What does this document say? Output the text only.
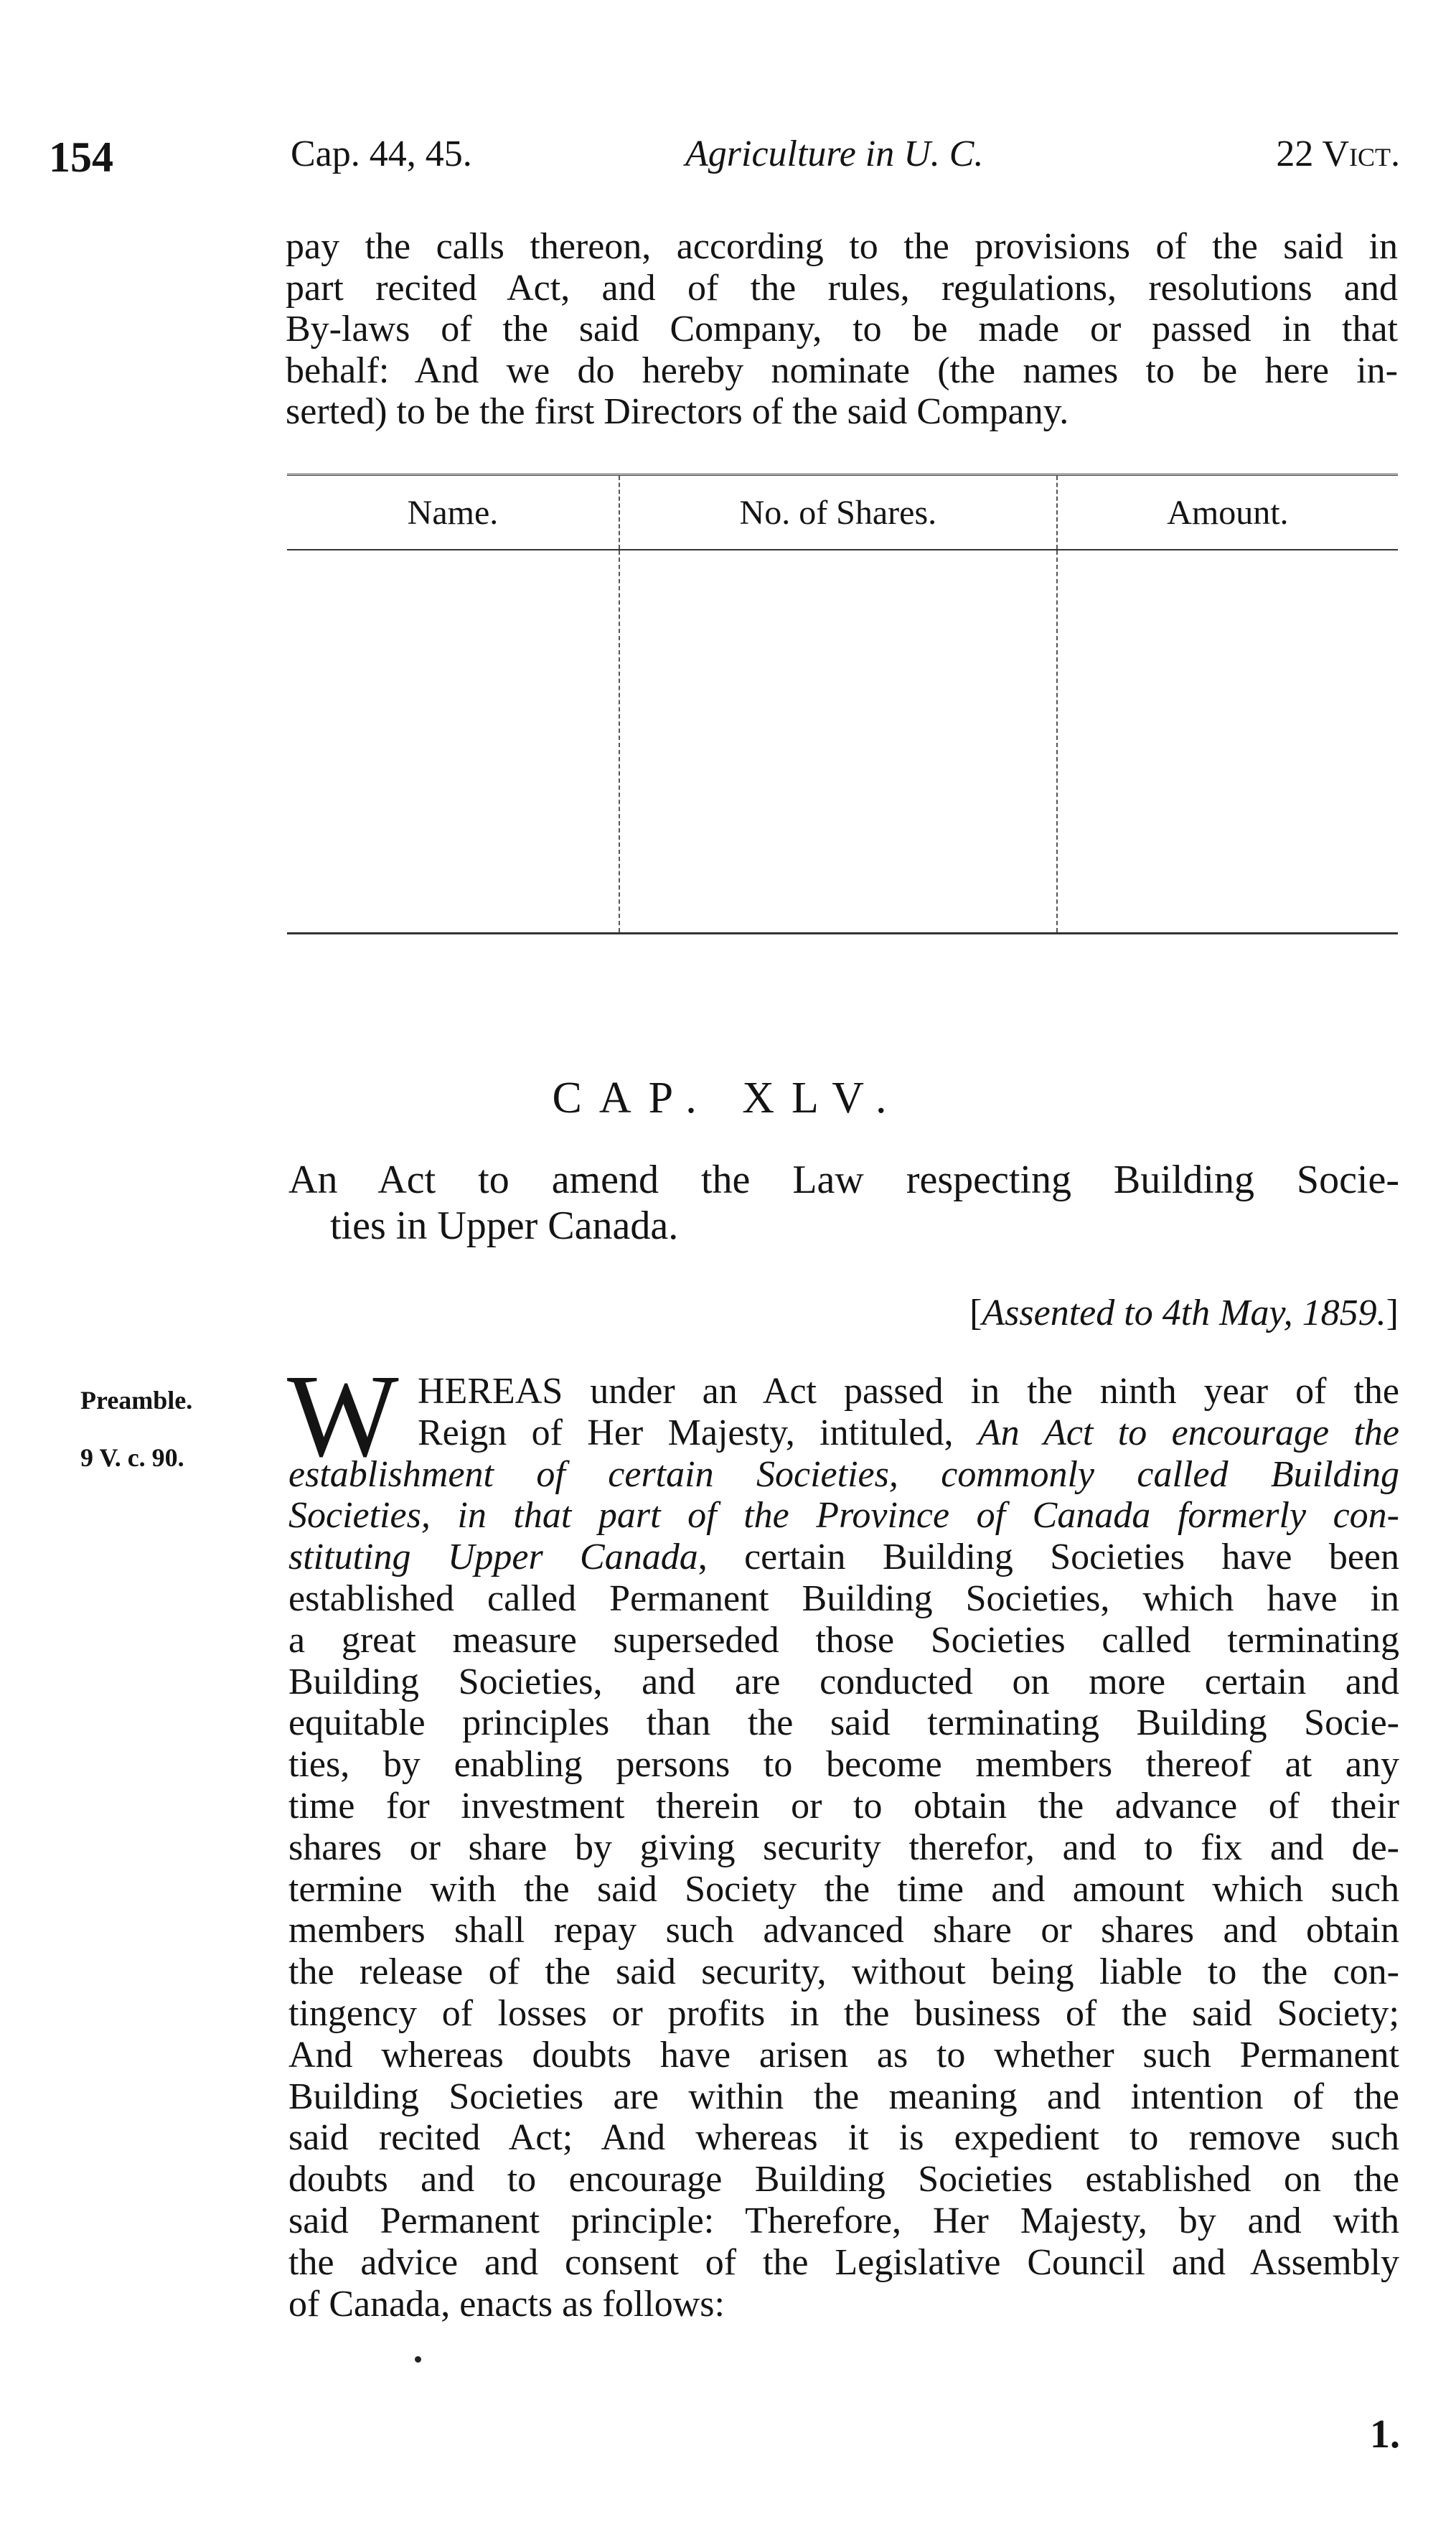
154	Cap. 44, 45.	Agriculture in U. C.	22 Vict.
pay the calls thereon, according to the provisions of the said in
part recited Act, and of the rules, regulations, resolutions and
By-laws of the said Company, to be made or passed in that
behalf: And we do hereby nominate (the names to be here in-
serted) to be the first Directors of the said Company.
Name.	No. of Shares.	Amount.

CAP. XLV.
An Act to amend the Law respecting Building Socie-
ties in Upper Canada.
[Assented to 4th May, 1859.]
Preamble.
9 V. c. 90. W HEREAS under an Act passed in the ninth year of the
Reign of Her Majesty, intituled, An Act to encourage the
establishment of certain Societies, commonly called Building
Societies, in that part of the Province of Canada formerly con-
stituting Upper Canada, certain Building Societies have been
established called Permanent Building Societies, which have in
a great measure superseded those Societies called terminating
Building Societies, and are conducted on more certain and
equitable principles than the said terminating Building Socie-
ties, by enabling persons to become members thereof at any
time for investment therein or to obtain the advance of their
shares or share by giving security therefor, and to fix and de-
termine with the said Society the time and amount which such
members shall repay such advanced share or shares and obtain
the release of the said security, without being liable to the con-
tingency of losses or profits in the business of the said Society;
And whereas doubts have arisen as to whether such Permanent
Building Societies are within the meaning and intention of the
said recited Act; And whereas it is expedient to remove such
doubts and to encourage Building Societies established on the
said Permanent principle: Therefore, Her Majesty, by and with
the advice and consent of the Legislative Council and Assembly
of Canada, enacts as follows:
1.
